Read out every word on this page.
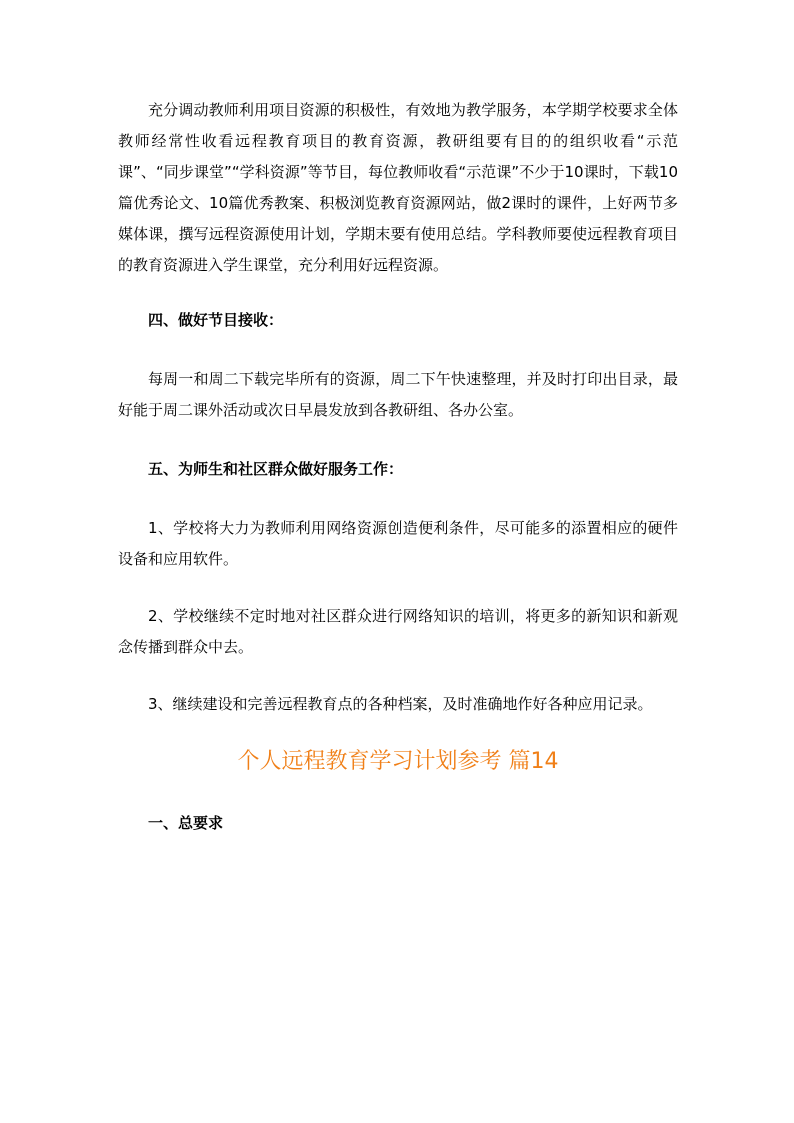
充分调动教师利用项目资源的积极性，有效地为教学服务，本学期学校要求全体教师经常性收看远程教育项目的教育资源，教研组要有目的的组织收看“示范课”、“同步课堂”“学科资源”等节目，每位教师收看“示范课”不少于10课时，下载10篇优秀论文、10篇优秀教案、积极浏览教育资源网站，做2课时的课件，上好两节多媒体课，撰写远程资源使用计划，学期末要有使用总结。学科教师要使远程教育项目的教育资源进入学生课堂，充分利用好远程资源。

四、做好节目接收：

每周一和周二下载完毕所有的资源，周二下午快速整理，并及时打印出目录，最好能于周二课外活动或次日早晨发放到各教研组、各办公室。

五、为师生和社区群众做好服务工作：

1、学校将大力为教师利用网络资源创造便利条件，尽可能多的添置相应的硬件设备和应用软件。

2、学校继续不定时地对社区群众进行网络知识的培训，将更多的新知识和新观念传播到群众中去。

3、继续建设和完善远程教育点的各种档案，及时准确地作好各种应用记录。

个人远程教育学习计划参考 篇14

一、总要求
